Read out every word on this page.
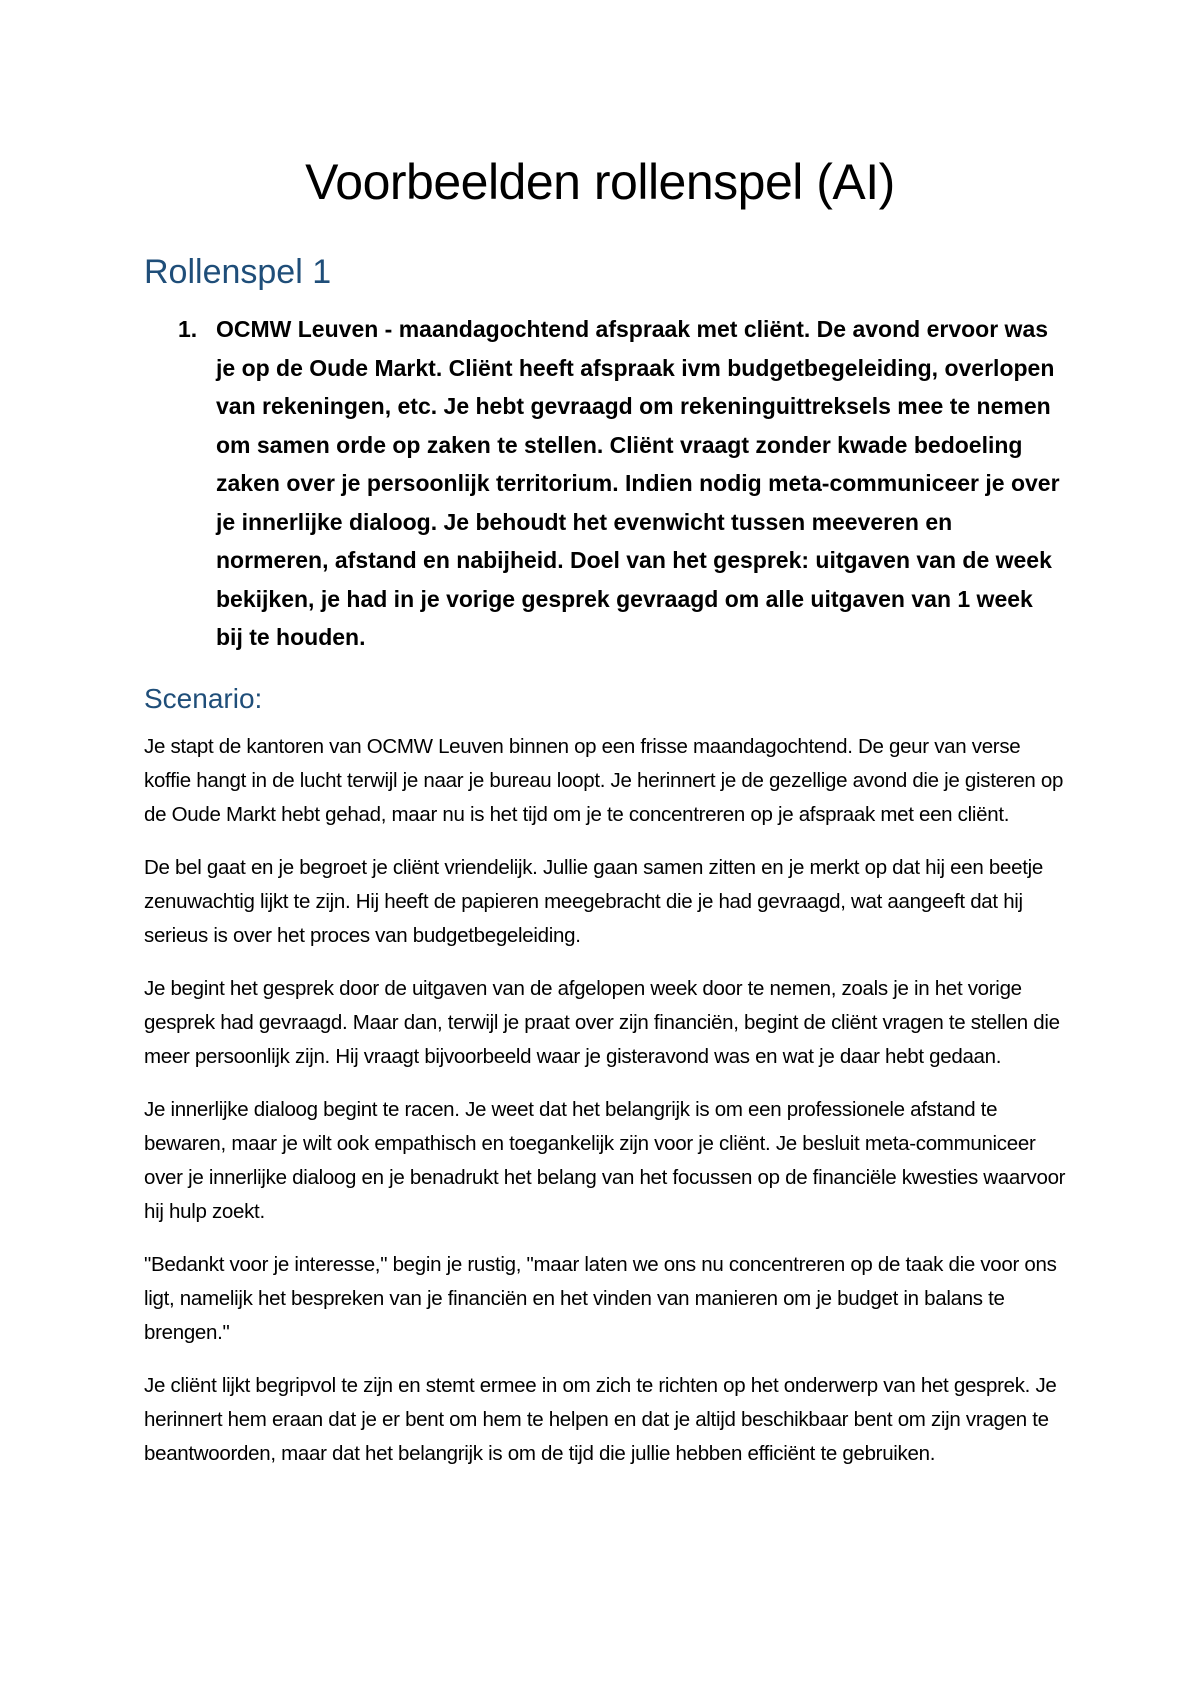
Voorbeelden rollenspel (AI)
Rollenspel 1
1. OCMW Leuven - maandagochtend afspraak met cliënt. De avond ervoor was je op de Oude Markt. Cliënt heeft afspraak ivm budgetbegeleiding, overlopen van rekeningen, etc. Je hebt gevraagd om rekeninguittreksels mee te nemen om samen orde op zaken te stellen. Cliënt vraagt zonder kwade bedoeling zaken over je persoonlijk territorium. Indien nodig meta-communiceer je over je innerlijke dialoog. Je behoudt het evenwicht tussen meeveren en normeren, afstand en nabijheid. Doel van het gesprek: uitgaven van de week bekijken, je had in je vorige gesprek gevraagd om alle uitgaven van 1 week bij te houden.
Scenario:

Je stapt de kantoren van OCMW Leuven binnen op een frisse maandagochtend. De geur van verse koffie hangt in de lucht terwijl je naar je bureau loopt. Je herinnert je de gezellige avond die je gisteren op de Oude Markt hebt gehad, maar nu is het tijd om je te concentreren op je afspraak met een cliënt.

De bel gaat en je begroet je cliënt vriendelijk. Jullie gaan samen zitten en je merkt op dat hij een beetje zenuwachtig lijkt te zijn. Hij heeft de papieren meegebracht die je had gevraagd, wat aangeeft dat hij serieus is over het proces van budgetbegeleiding.

Je begint het gesprek door de uitgaven van de afgelopen week door te nemen, zoals je in het vorige gesprek had gevraagd. Maar dan, terwijl je praat over zijn financiën, begint de cliënt vragen te stellen die meer persoonlijk zijn. Hij vraagt bijvoorbeeld waar je gisteravond was en wat je daar hebt gedaan.

Je innerlijke dialoog begint te racen. Je weet dat het belangrijk is om een professionele afstand te bewaren, maar je wilt ook empathisch en toegankelijk zijn voor je cliënt. Je besluit meta-communiceer over je innerlijke dialoog en je benadrukt het belang van het focussen op de financiële kwesties waarvoor hij hulp zoekt.

"Bedankt voor je interesse," begin je rustig, "maar laten we ons nu concentreren op de taak die voor ons ligt, namelijk het bespreken van je financiën en het vinden van manieren om je budget in balans te brengen."

Je cliënt lijkt begripvol te zijn en stemt ermee in om zich te richten op het onderwerp van het gesprek. Je herinnert hem eraan dat je er bent om hem te helpen en dat je altijd beschikbaar bent om zijn vragen te beantwoorden, maar dat het belangrijk is om de tijd die jullie hebben efficiënt te gebruiken.
